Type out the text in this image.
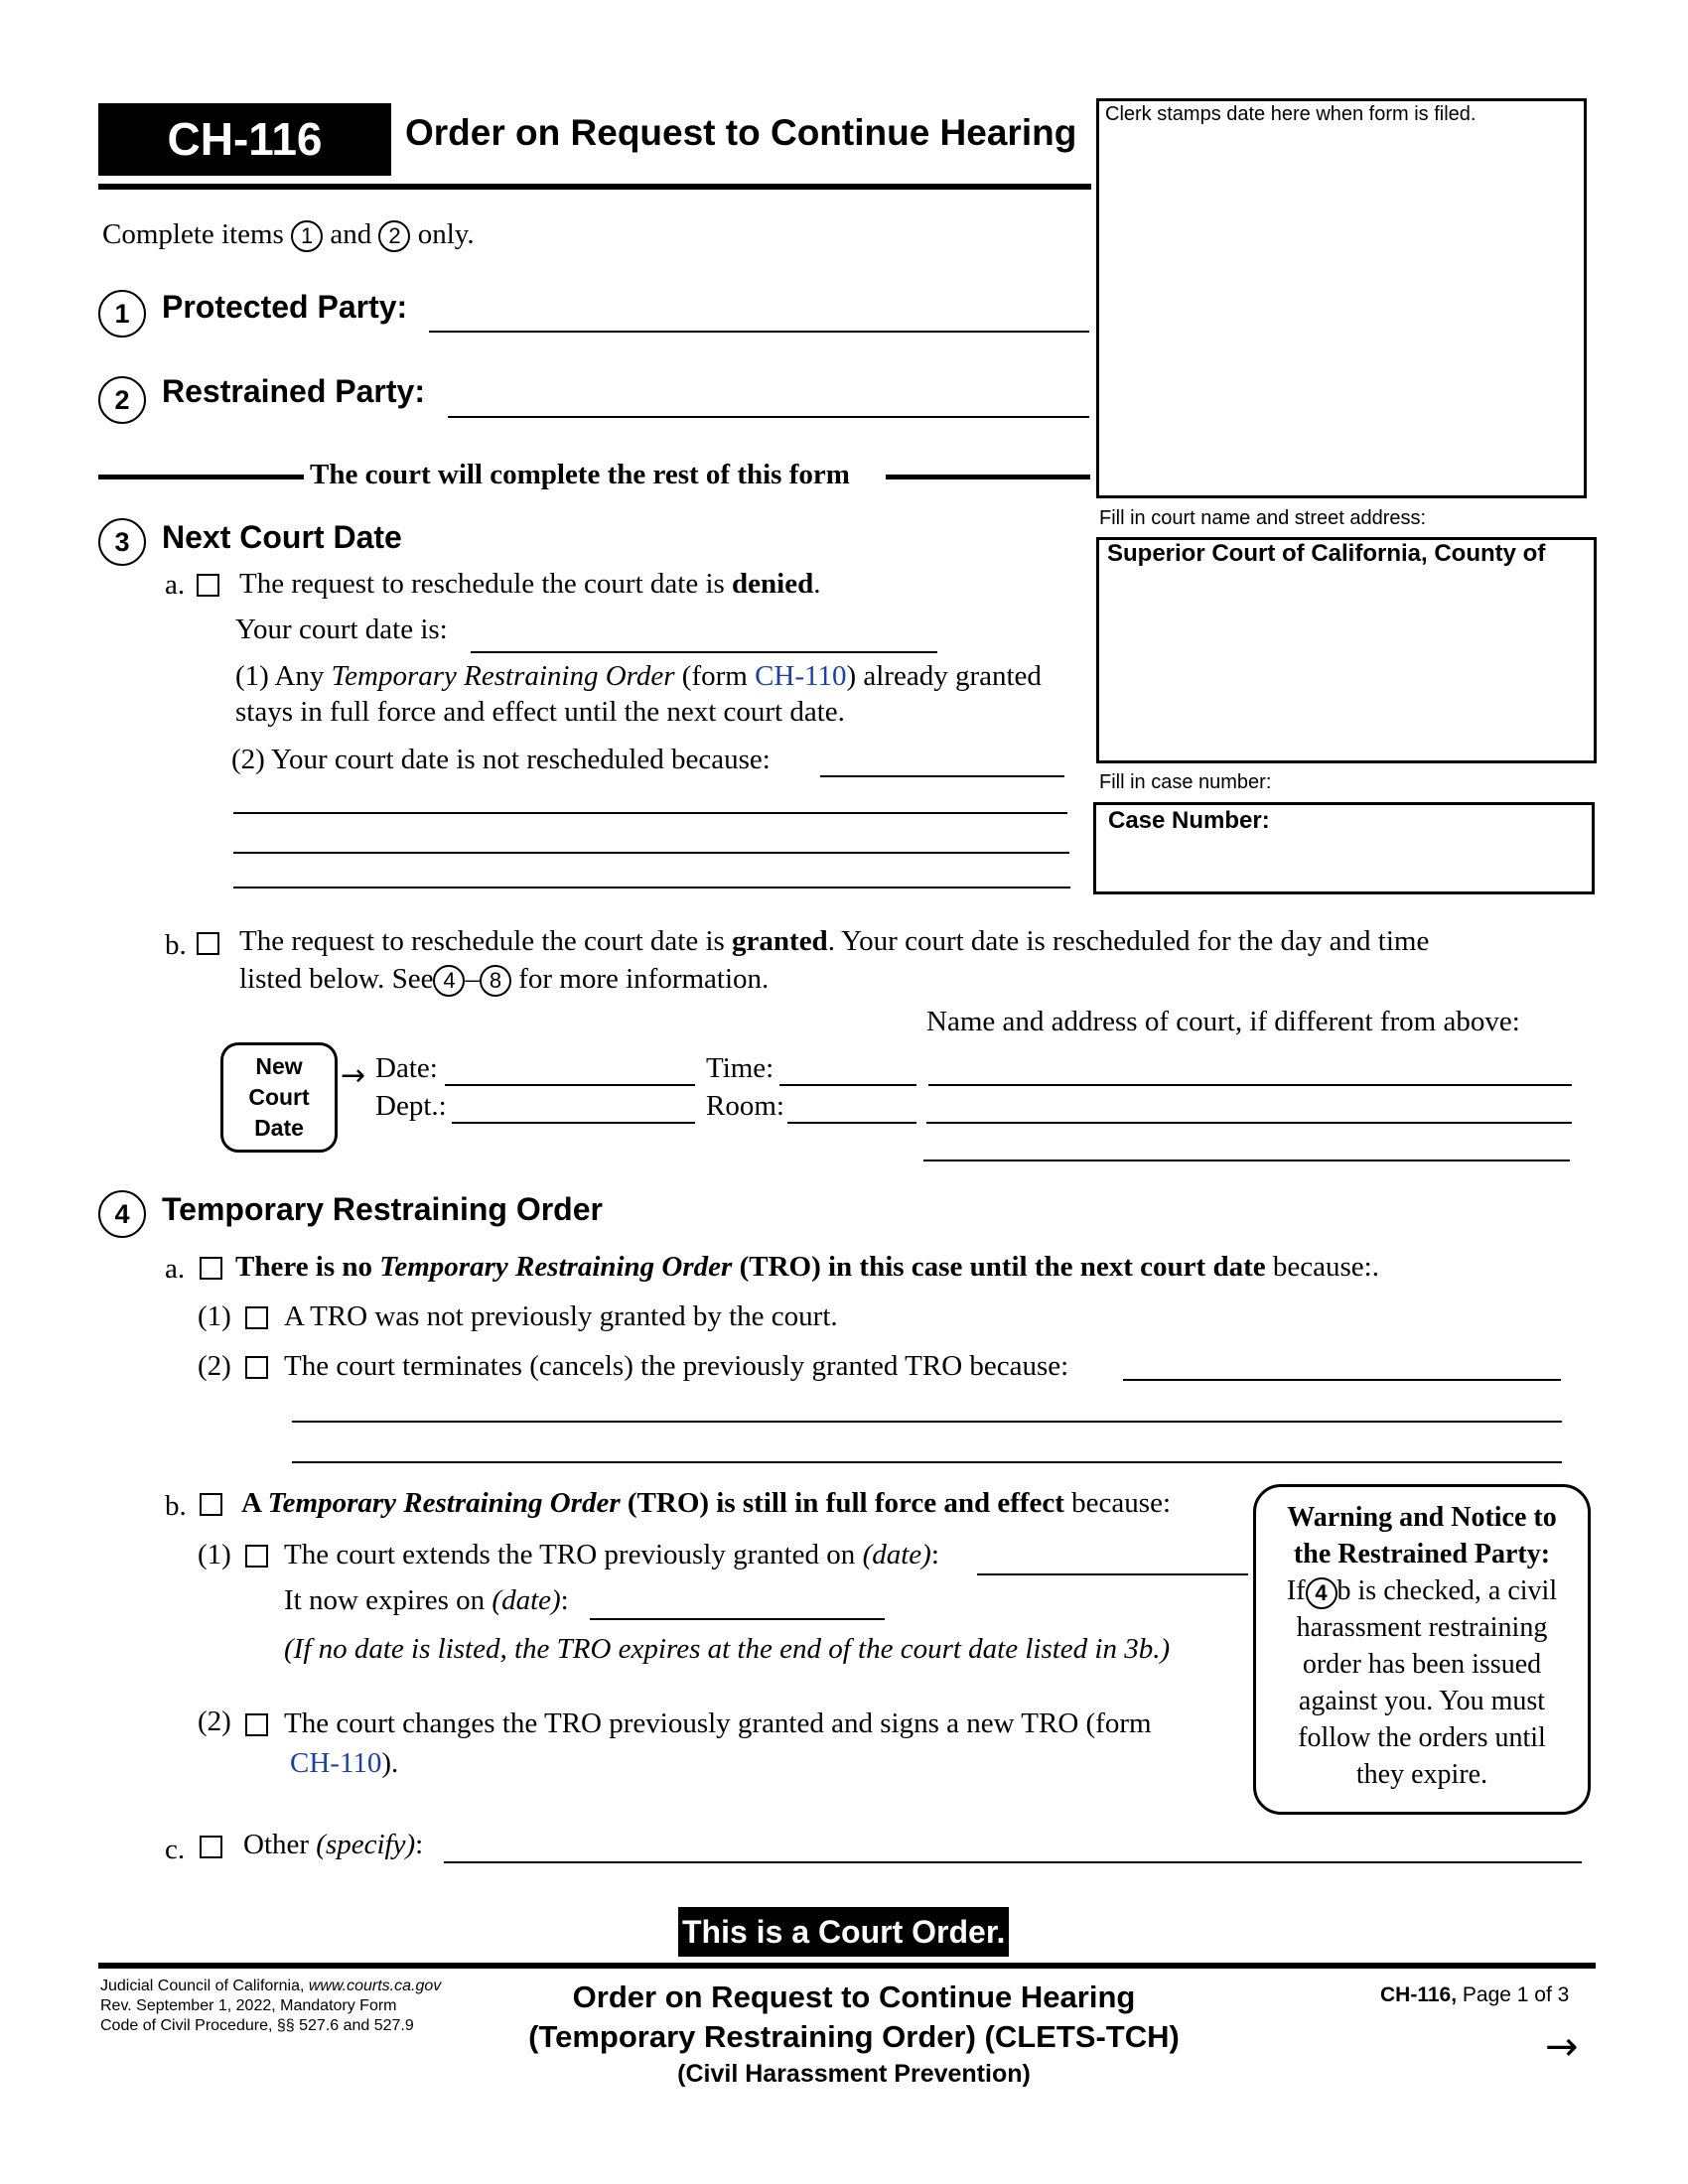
CH-116	Order on Request to Continue Hearing Clerk stamps date here when form is filed.
Fill in court name and street address:
Superior Court of California, County of
Fill in case number:
Case Number:
Complete items 1 and 2 only.
1	Protected Party:
2	Restrained Party:
The court will complete the rest of this form
3	Next Court Date
a. The request to reschedule the court date is denied.
Your court date is:
(1) Any Temporary Restraining Order (form CH-110) already granted
stays in full force and effect until the next court date.
(2) Your court date is not rescheduled because:
b. The request to reschedule the court date is granted. Your court date is rescheduled for the day and time
listed below. See 4 – 8 for more information.
Name and address of court, if different from above:
New
Court
Date
→ Date:	Time:
Dept.:	Room:
4	Temporary Restraining Order
a. There is no Temporary Restraining Order (TRO) in this case until the next court date because:.
(1) A TRO was not previously granted by the court.
(2) The court terminates (cancels) the previously granted TRO because:
b. A Temporary Restraining Order (TRO) is still in full force and effect because:
(1) The court extends the TRO previously granted on (date):
It now expires on (date):
(If no date is listed, the TRO expires at the end of the court date listed in 3b.)
(2) The court changes the TRO previously granted and signs a new TRO (form
CH-110).
c. Other (specify):
Warning and Notice to
the Restrained Party:
If 4 b is checked, a civil
harassment restraining
order has been issued
against you. You must
follow the orders until
they expire.
This is a Court Order.
Judicial Council of California, www.courts.ca.gov
Rev. September 1, 2022, Mandatory Form
Code of Civil Procedure, §§ 527.6 and 527.9
Order on Request to Continue Hearing
(Temporary Restraining Order) (CLETS-TCH)
(Civil Harassment Prevention)
CH-116, Page 1 of 3
→
